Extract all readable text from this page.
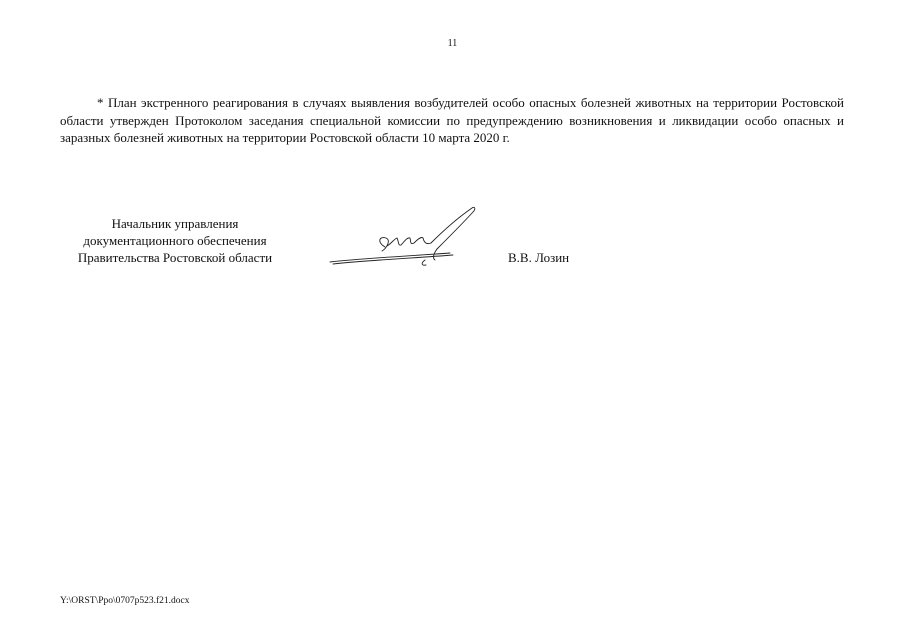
11

* План экстренного реагирования в случаях выявления возбудителей особо опасных болезней животных на территории Ростовской области утвержден Протоколом заседания специальной комиссии по предупреждению возникновения и ликвидации особо опасных и заразных болезней животных на территории Ростовской области 10 марта 2020 г.

Начальник управления
документационного обеспечения
Правительства Ростовской области	В.В. Лозин
Y:\ORST\Ppo\0707p523.f21.docx
